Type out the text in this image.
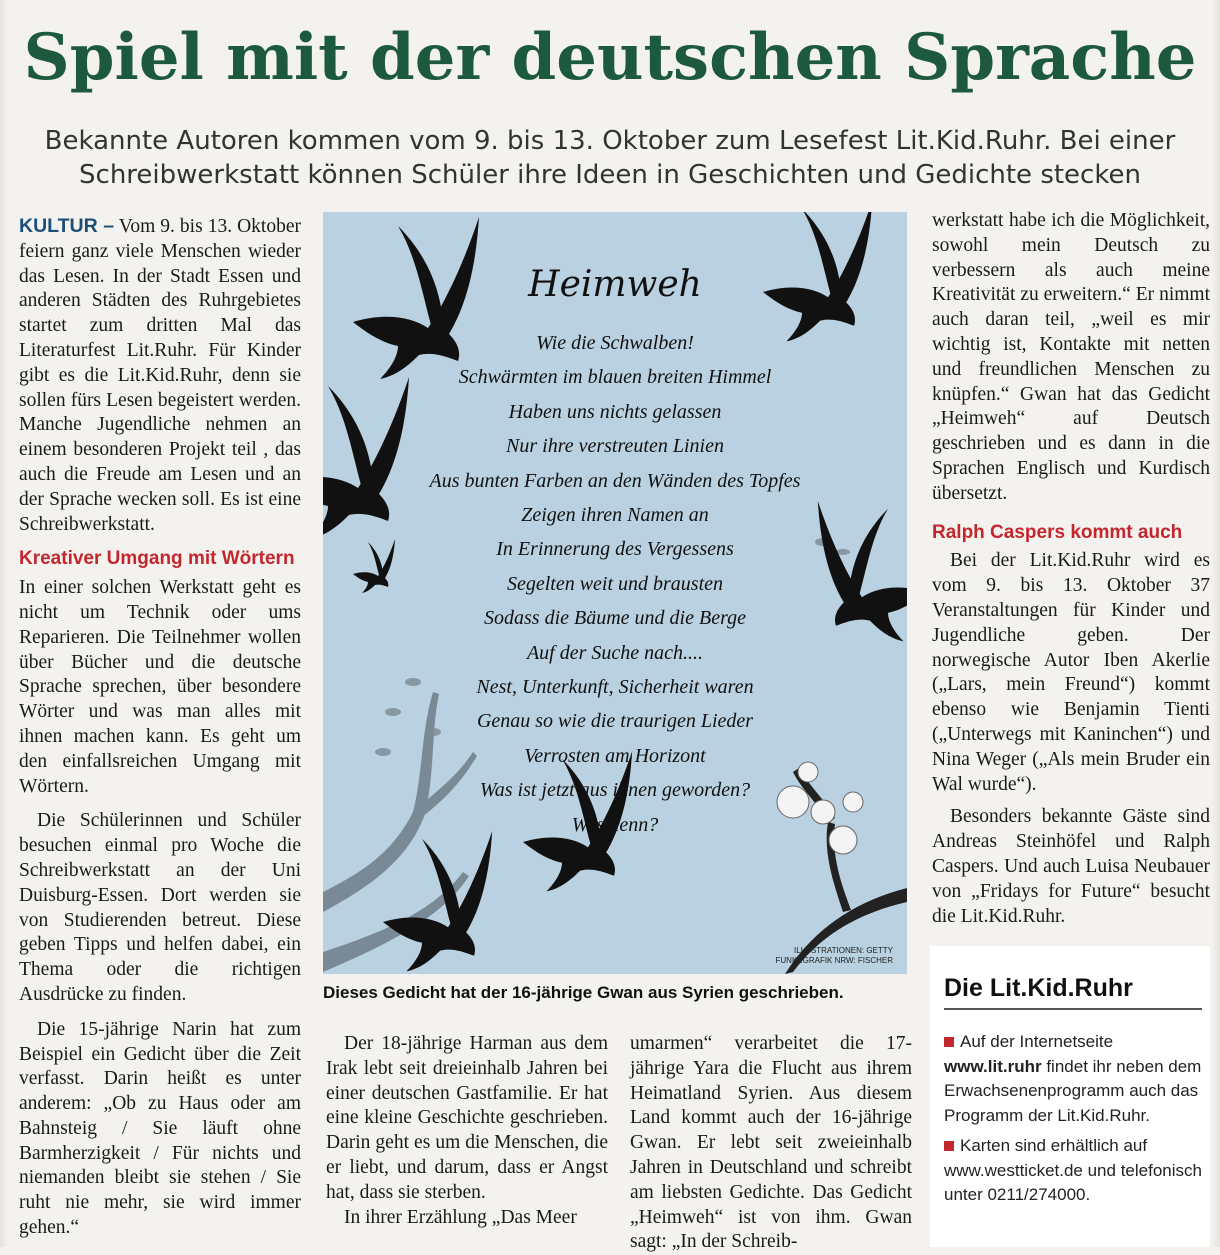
Spiel mit der deutschen Sprache
Bekannte Autoren kommen vom 9. bis 13. Oktober zum Lesefest Lit.Kid.Ruhr. Bei einer
Schreibwerkstatt können Schüler ihre Ideen in Geschichten und Gedichte stecken

KULTUR – Vom 9. bis 13. Oktober feiern ganz viele Menschen wieder das Lesen. In der Stadt Essen und anderen Städten des Ruhrgebietes startet zum dritten Mal das Literaturfest Lit.Ruhr. Für Kinder gibt es die Lit.Kid.Ruhr, denn sie sollen fürs Lesen begeistert werden. Manche Jugendliche nehmen an einem besonderen Projekt teil , das auch die Freude am Lesen und an der Sprache wecken soll. Es ist eine Schreibwerkstatt.

Kreativer Umgang mit Wörtern

In einer solchen Werkstatt geht es nicht um Technik oder ums Reparieren. Die Teilnehmer wollen über Bücher und die deutsche Sprache sprechen, über besondere Wörter und was man alles mit ihnen machen kann. Es geht um den einfallsreichen Umgang mit Wörtern.

Die Schülerinnen und Schüler besuchen einmal pro Woche die Schreibwerkstatt an der Uni Duisburg-Essen. Dort werden sie von Studierenden betreut. Diese geben Tipps und helfen dabei, ein Thema oder die richtigen Ausdrücke zu finden.

Die 15-jährige Narin hat zum Beispiel ein Gedicht über die Zeit verfasst. Darin heißt es unter anderem: „Ob zu Haus oder am Bahnsteig / Sie läuft ohne Barmherzigkeit / Für nichts und niemanden bleibt sie stehen / Sie ruht nie mehr, sie wird immer gehen.“

Heimweh
Wie die Schwalben!
Schwärmten im blauen breiten Himmel
Haben uns nichts gelassen
Nur ihre verstreuten Linien
Aus bunten Farben an den Wänden des Topfes
Zeigen ihren Namen an
In Erinnerung des Vergessens
Segelten weit und brausten
Sodass die Bäume und die Berge
Auf der Suche nach....
Nest, Unterkunft, Sicherheit waren
Genau so wie die traurigen Lieder
Verrosten am Horizont
Was ist jetzt aus ihnen geworden?
Was denn?
ILLUSTRATIONEN: GETTY
FUNKEGRAFIK NRW: FISCHER
Dieses Gedicht hat der 16-jährige Gwan aus Syrien geschrieben.

Der 18-jährige Harman aus dem Irak lebt seit dreieinhalb Jahren bei einer deutschen Gastfamilie. Er hat eine kleine Geschichte geschrieben. Darin geht es um die Menschen, die er liebt, und darum, dass er Angst hat, dass sie sterben.

In ihrer Erzählung „Das Meer

umarmen“ verarbeitet die 17-jährige Yara die Flucht aus ihrem Heimatland Syrien. Aus diesem Land kommt auch der 16-jährige Gwan. Er lebt seit zweieinhalb Jahren in Deutschland und schreibt am liebsten Gedichte. Das Gedicht „Heimweh“ ist von ihm. Gwan sagt: „In der Schreib-

werkstatt habe ich die Möglichkeit, sowohl mein Deutsch zu verbessern als auch meine Kreativität zu erweitern.“ Er nimmt auch daran teil, „weil es mir wichtig ist, Kontakte mit netten und freundlichen Menschen zu knüpfen.“ Gwan hat das Gedicht „Heimweh“ auf Deutsch geschrieben und es dann in die Sprachen Englisch und Kurdisch übersetzt.

Ralph Caspers kommt auch

Bei der Lit.Kid.Ruhr wird es vom 9. bis 13. Oktober 37 Veranstaltungen für Kinder und Jugendliche geben. Der norwegische Autor Iben Akerlie („Lars, mein Freund“) kommt ebenso wie Benjamin Tienti („Unterwegs mit Kaninchen“) und Nina Weger („Als mein Bruder ein Wal wurde“).

Besonders bekannte Gäste sind Andreas Steinhöfel und Ralph Caspers. Und auch Luisa Neubauer von „Fridays for Future“ besucht die Lit.Kid.Ruhr.

Die Lit.Kid.Ruhr
Auf der Internetseite www.lit.ruhr findet ihr neben dem Erwachsenenprogramm auch das Programm der Lit.Kid.Ruhr.
Karten sind erhältlich auf www.westticket.de und telefonisch unter 0211/274000.
